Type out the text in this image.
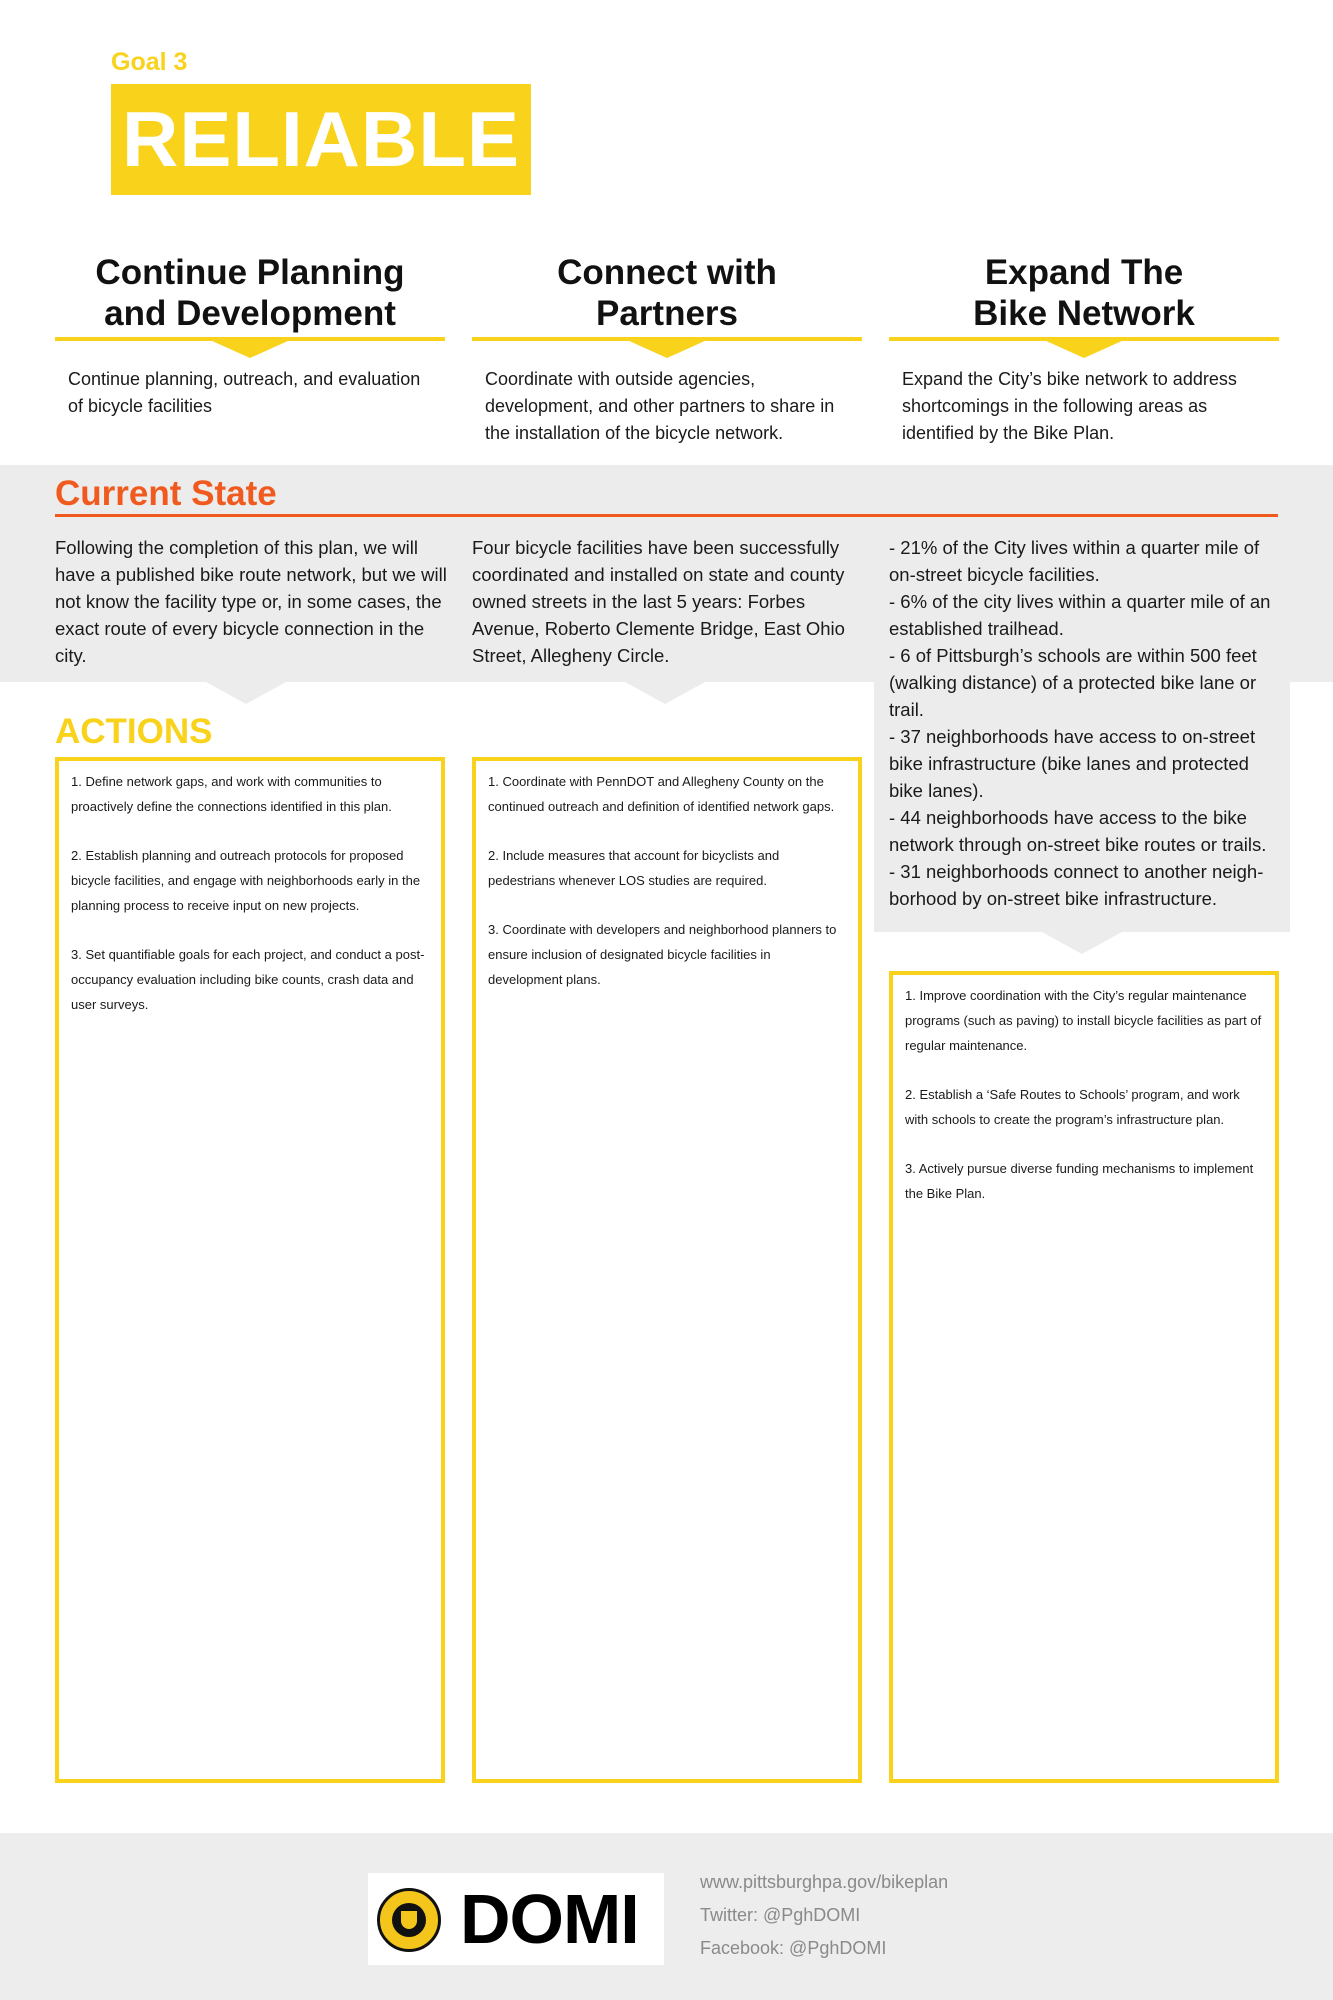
Goal 3
RELIABLE
Continue Planning
and Development
Connect with
Partners
Expand The
Bike Network
Continue planning, outreach, and evaluation of bicycle facilities
Coordinate with outside agencies, development, and other partners to share in the installation of the bicycle network.
Expand the City’s bike network to address shortcomings in the following areas as identified by the Bike Plan.
Current State
Following the completion of this plan, we will have a published bike route network, but we will not know the facility type or, in some cases, the exact route of every bicycle connection in the city.
Four bicycle facilities have been successfully coordinated and installed on state and county owned streets in the last 5 years: Forbes Avenue, Roberto Clemente Bridge, East Ohio Street, Allegheny Circle.
- 21% of the City lives within a quarter mile of on-street bicycle facilities.
- 6% of the city lives within a quarter mile of an established trailhead.
- 6 of Pittsburgh’s schools are within 500 feet (walking distance) of a protected bike lane or trail.
- 37 neighborhoods have access to on-street bike infrastructure (bike lanes and protected bike lanes).
- 44 neighborhoods have access to the bike network through on-street bike routes or trails.
- 31 neighborhoods connect to another neigh-borhood by on-street bike infrastructure.
ACTIONS
1. Define network gaps, and work with communities to proactively define the connections identified in this plan.
2. Establish planning and outreach protocols for proposed bicycle facilities, and engage with neighborhoods early in the planning process to receive input on new projects.
3. Set quantifiable goals for each project, and conduct a post-occupancy evaluation including bike counts, crash data and user surveys.
1. Coordinate with PennDOT and Allegheny County on the continued outreach and definition of identified network gaps.
2. Include measures that account for bicyclists and pedestrians whenever LOS studies are required.
3. Coordinate with developers and neighborhood planners to ensure inclusion of designated bicycle facilities in development plans.
1. Improve coordination with the City’s regular maintenance programs (such as paving) to install bicycle facilities as part of regular maintenance.
2. Establish a ‘Safe Routes to Schools’ program, and work with schools to create the program’s infrastructure plan.
3. Actively pursue diverse funding mechanisms to implement the Bike Plan.
DOMI	www.pittsburghpa.gov/bikeplan
Twitter: @PghDOMI
Facebook: @PghDOMI
